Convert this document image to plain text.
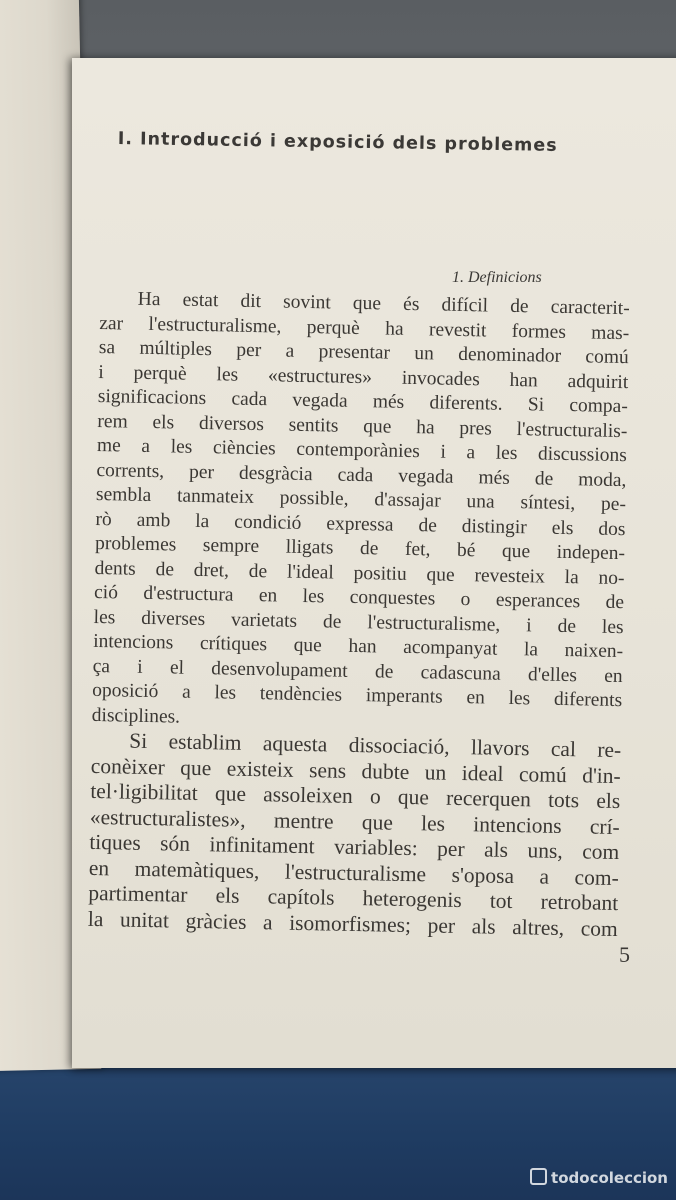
I. Introducció i exposició dels problemes
1. Definicions

Ha estat dit sovint que és difícil de caracterit-
zar l'estructuralisme, perquè ha revestit formes mas-
sa múltiples per a presentar un denominador comú
i perquè les «estructures» invocades han adquirit
significacions cada vegada més diferents. Si compa-
rem els diversos sentits que ha pres l'estructuralis-
me a les ciències contemporànies i a les discussions
corrents, per desgràcia cada vegada més de moda,
sembla tanmateix possible, d'assajar una síntesi, pe-
rò amb la condició expressa de distingir els dos
problemes sempre lligats de fet, bé que indepen-
dents de dret, de l'ideal positiu que revesteix la no-
ció d'estructura en les conquestes o esperances de
les diverses varietats de l'estructuralisme, i de les
intencions crítiques que han acompanyat la naixen-
ça i el desenvolupament de cadascuna d'elles en
oposició a les tendències imperants en les diferents
disciplines.

Si establim aquesta dissociació, llavors cal re-
conèixer que existeix sens dubte un ideal comú d'in-
tel·ligibilitat que assoleixen o que recerquen tots els
«estructuralistes», mentre que les intencions crí-
tiques són infinitament variables: per als uns, com
en matemàtiques, l'estructuralisme s'oposa a com-
partimentar els capítols heterogenis tot retrobant
la unitat gràcies a isomorfismes; per als altres, com

5
todocoleccion
